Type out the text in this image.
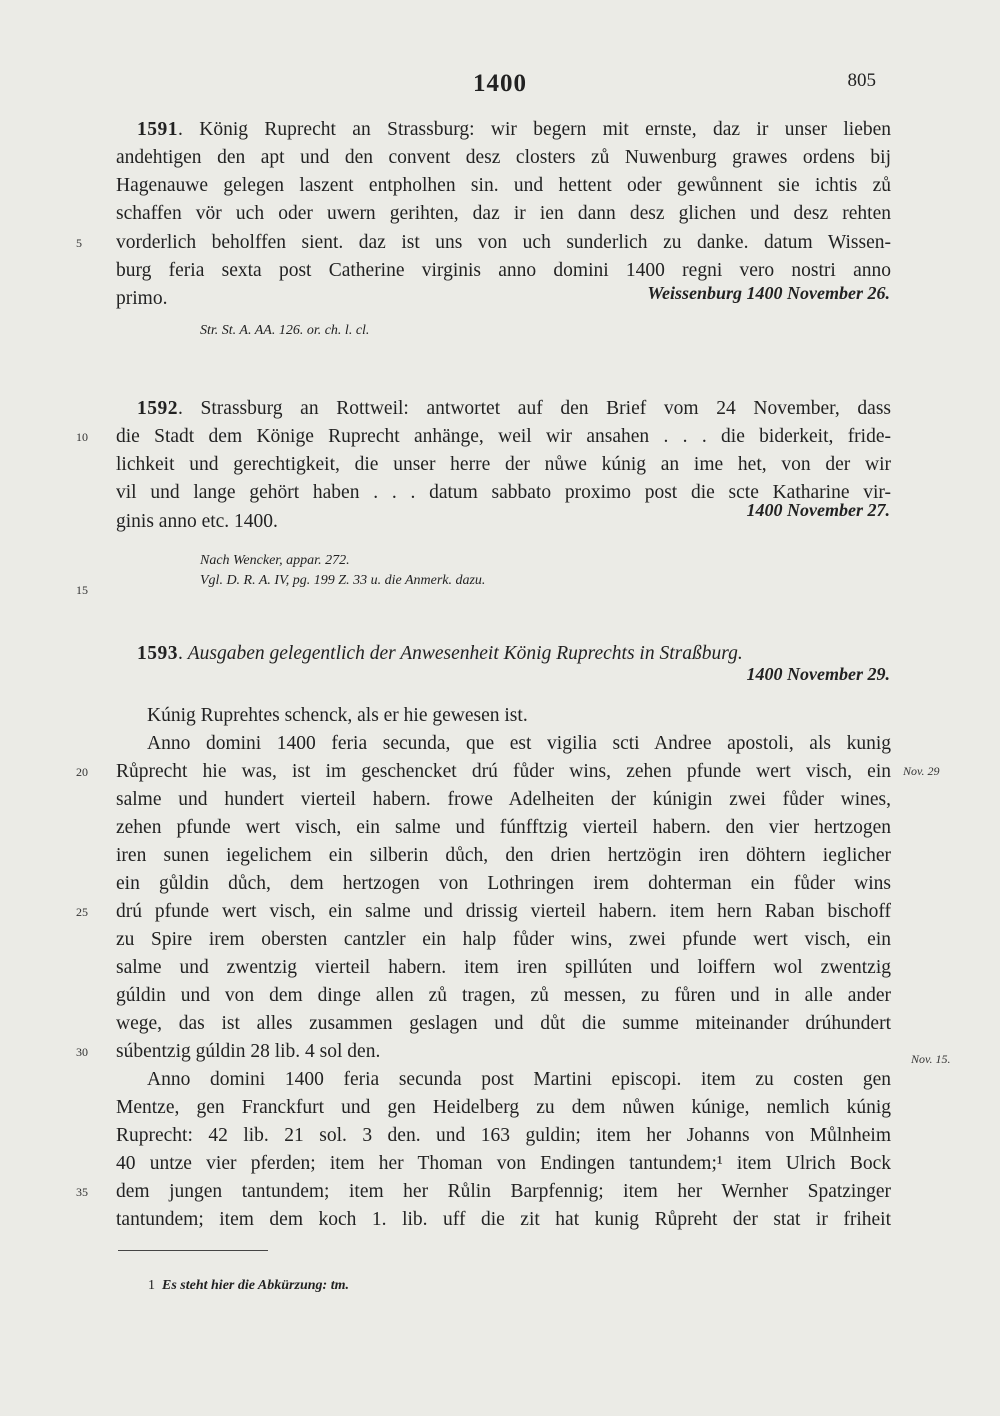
1400	805
1591. König Ruprecht an Strassburg: wir begern mit ernste, daz ir unser lieben
andehtigen den apt und den convent desz closters zů Nuwenburg grawes ordens bij
Hagenauwe gelegen laszent entpholhen sin. und hettent oder gewůnnent sie ichtis zů
schaffen vör uch oder uwern gerihten, daz ir ien dann desz glichen und desz rehten
vorderlich beholffen sient. daz ist uns von uch sunderlich zu danke. datum Wissen-
burg feria sexta post Catherine virginis anno domini 1400 regni vero nostri anno
primo.	Weissenburg 1400 November 26.
Str. St. A. AA. 126. or. ch. l. cl.
1592. Strassburg an Rottweil: antwortet auf den Brief vom 24 November, dass
die Stadt dem Könige Ruprecht anhänge, weil wir ansahen . . . die biderkeit, fride-
lichkeit und gerechtigkeit, die unser herre der nůwe kúnig an ime het, von der wir
vil und lange gehört haben . . . datum sabbato proximo post die scte Katharine vir-
ginis anno etc. 1400.
1400 November 27.
Nach Wencker, appar. 272.
Vgl. D. R. A. IV, pg. 199 Z. 33 u. die Anmerk. dazu.
1593. Ausgaben gelegentlich der Anwesenheit König Ruprechts in Straßburg.
1400 November 29.
Kúnig Ruprehtes schenck, als er hie gewesen ist.
Anno domini 1400 feria secunda, que est vigilia scti Andree apostoli, als kunig
Růprecht hie was, ist im geschencket drú fůder wins, zehen pfunde wert visch, ein
salme und hundert vierteil habern. frowe Adelheiten der kúnigin zwei fůder wines,
zehen pfunde wert visch, ein salme und fúnfftzig vierteil habern. den vier hertzogen
iren sunen iegelichem ein silberin důch, den drien hertzögin iren döhtern ieglicher
ein gůldin důch, dem hertzogen von Lothringen irem dohterman ein fůder wins
drú pfunde wert visch, ein salme und drissig vierteil habern. item hern Raban bischoff
zu Spire irem obersten cantzler ein halp fůder wins, zwei pfunde wert visch, ein
salme und zwentzig vierteil habern. item iren spillúten und loiffern wol zwentzig
gúldin und von dem dinge allen zů tragen, zů messen, zu fůren und in alle ander
wege, das ist alles zusammen geslagen und důt die summe miteinander drúhundert
súbentzig gúldin 28 lib. 4 sol den.
Anno domini 1400 feria secunda post Martini episcopi. item zu costen gen
Mentze, gen Franckfurt und gen Heidelberg zu dem nůwen kúnige, nemlich kúnig
Ruprecht: 42 lib. 21 sol. 3 den. und 163 guldin; item her Johanns von Můlnheim
40 untze vier pferden; item her Thoman von Endingen tantundem;¹ item Ulrich Bock
dem jungen tantundem; item her Růlin Barpfennig; item her Wernher Spatzinger
tantundem; item dem koch 1. lib. uff die zit hat kunig Růpreht der stat ir friheit
5
10
15
20
25
30
35
Nov. 29
Nov. 15.
1 Es steht hier die Abkürzung: tm.
